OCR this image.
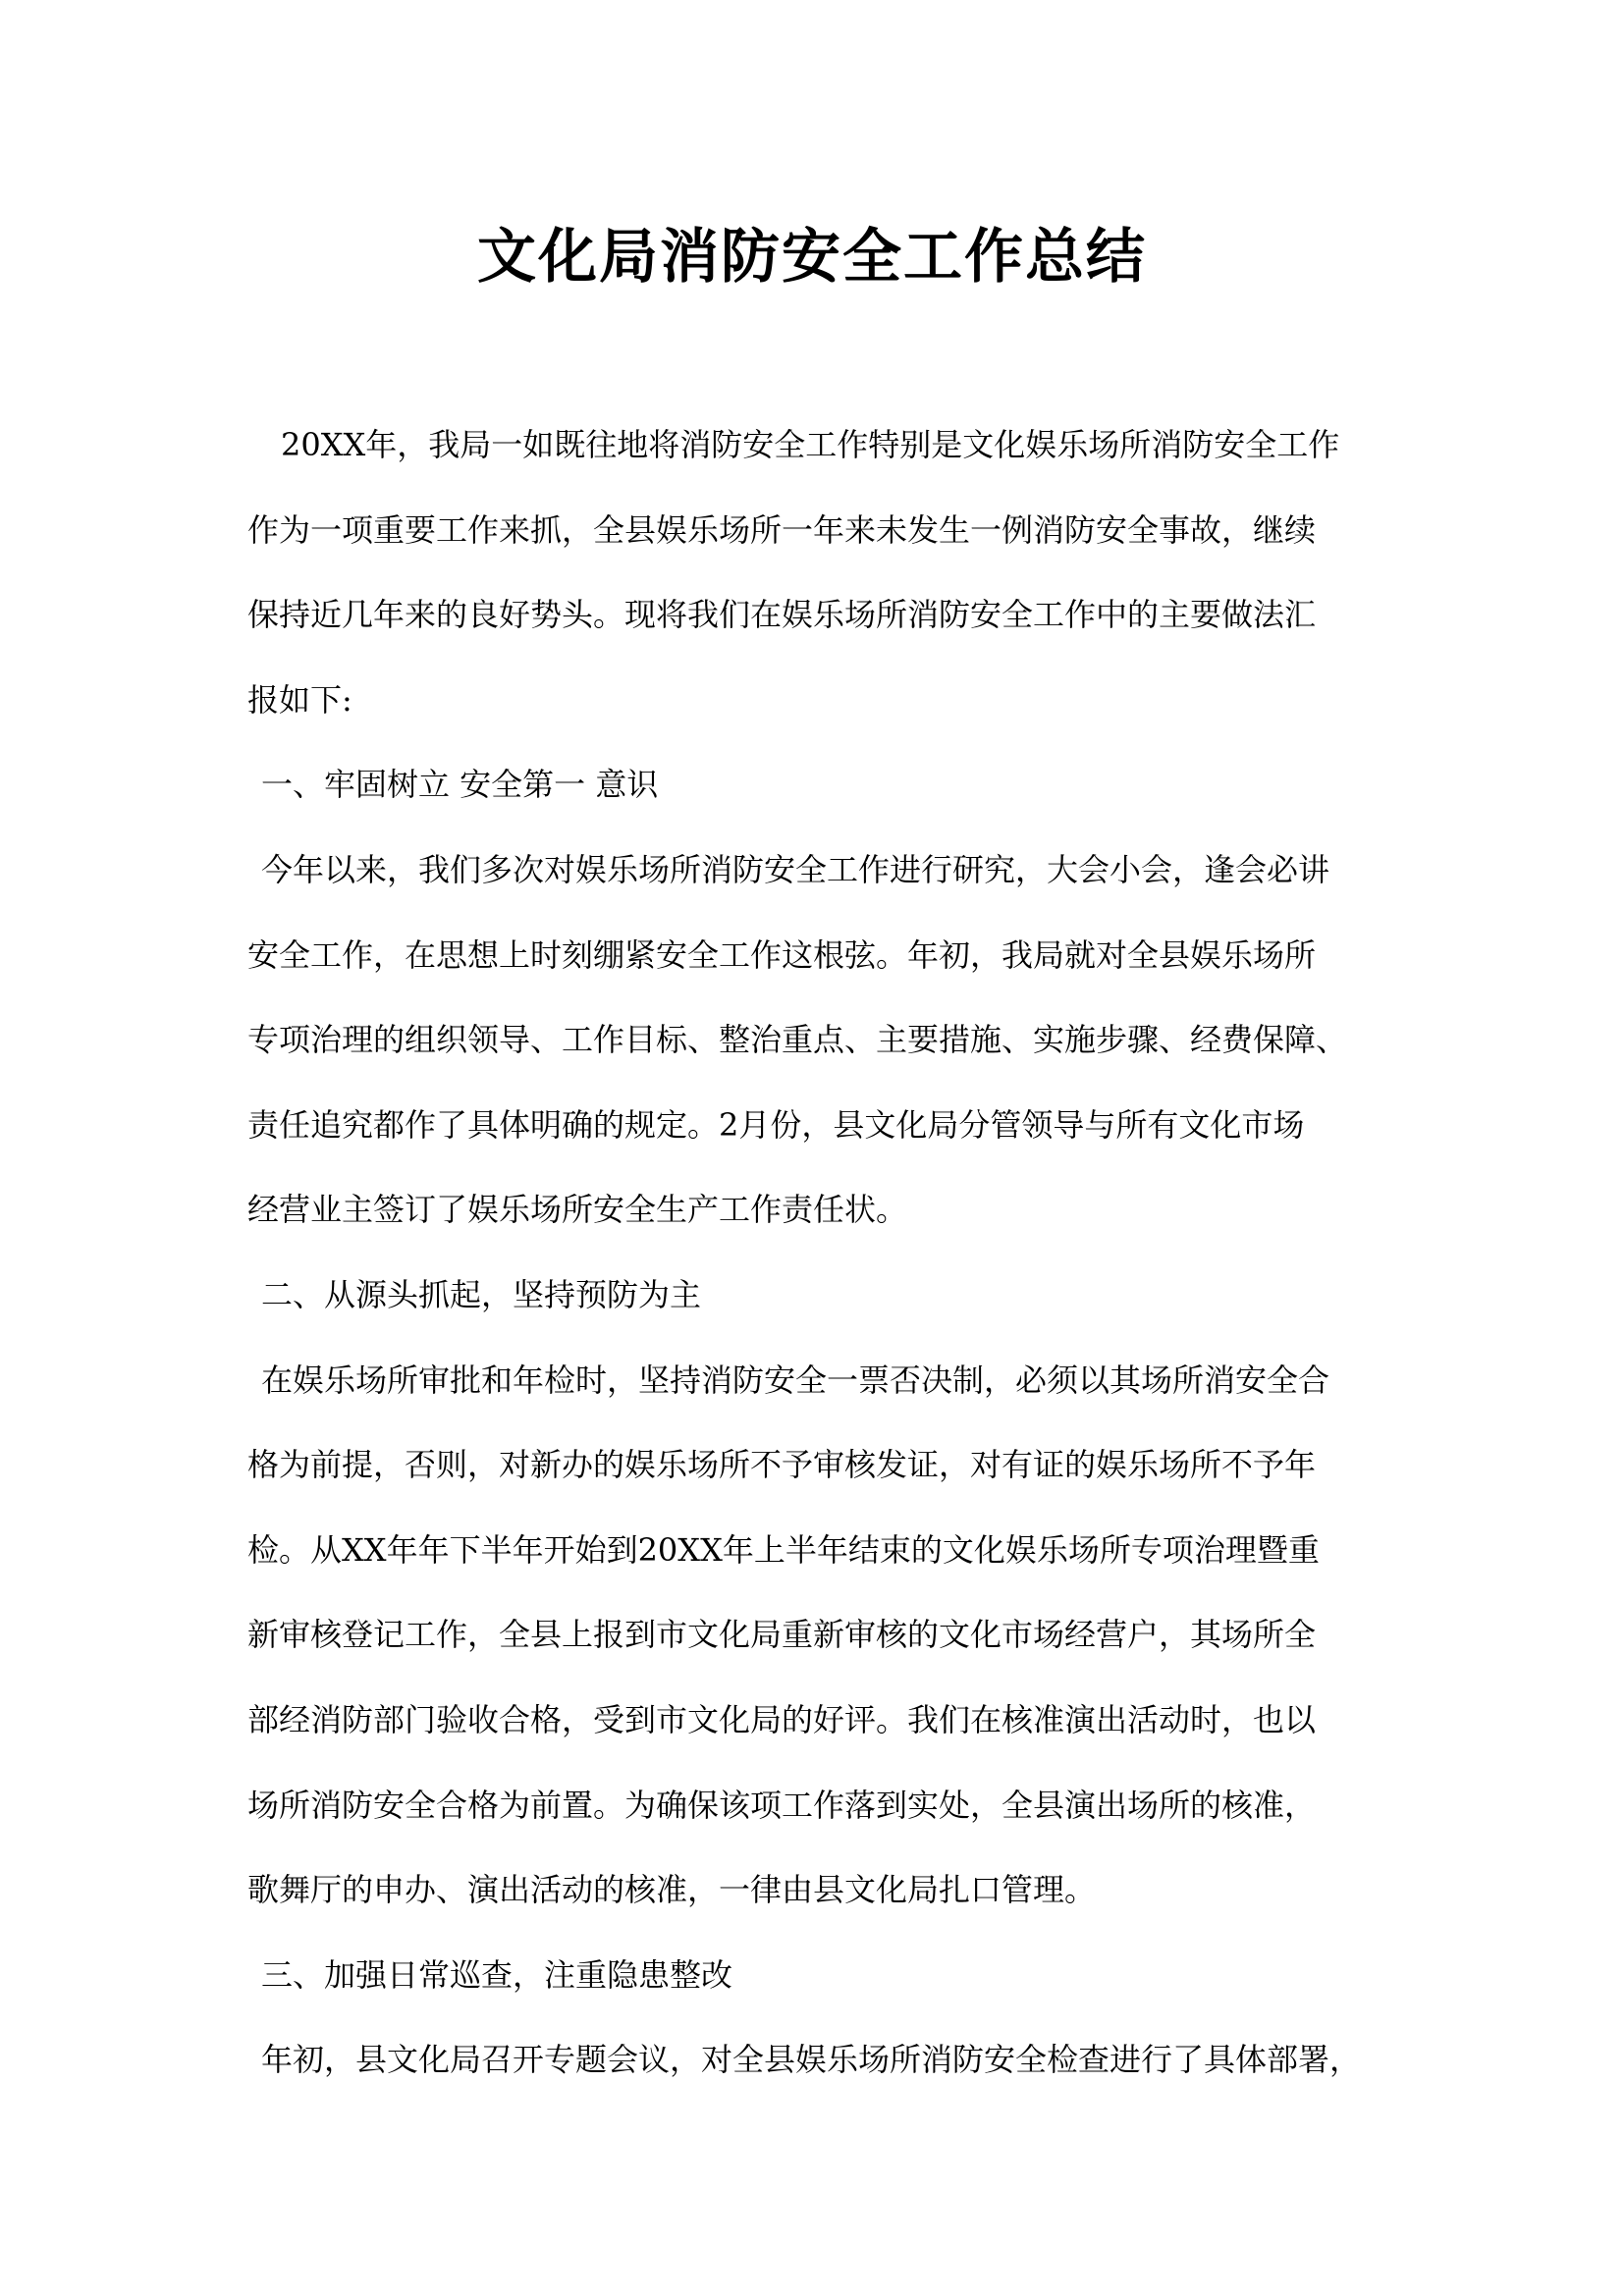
文化局消防安全工作总结
20XX年，我局一如既往地将消防安全工作特别是文化娱乐场所消防安全工作
作为一项重要工作来抓，全县娱乐场所一年来未发生一例消防安全事故，继续
保持近几年来的良好势头。现将我们在娱乐场所消防安全工作中的主要做法汇
报如下:
一、牢固树立 安全第一 意识
今年以来，我们多次对娱乐场所消防安全工作进行研究，大会小会，逢会必讲
安全工作，在思想上时刻绷紧安全工作这根弦。年初，我局就对全县娱乐场所
专项治理的组织领导、工作目标、整治重点、主要措施、实施步骤、经费保障、
责任追究都作了具体明确的规定。2月份，县文化局分管领导与所有文化市场
经营业主签订了娱乐场所安全生产工作责任状。
二、从源头抓起，坚持预防为主
在娱乐场所审批和年检时，坚持消防安全一票否决制，必须以其场所消安全合
格为前提，否则，对新办的娱乐场所不予审核发证，对有证的娱乐场所不予年
检。从XX年年下半年开始到20XX年上半年结束的文化娱乐场所专项治理暨重
新审核登记工作，全县上报到市文化局重新审核的文化市场经营户，其场所全
部经消防部门验收合格，受到市文化局的好评。我们在核准演出活动时，也以
场所消防安全合格为前置。为确保该项工作落到实处，全县演出场所的核准，
歌舞厅的申办、演出活动的核准，一律由县文化局扎口管理。
三、加强日常巡查，注重隐患整改
年初，县文化局召开专题会议，对全县娱乐场所消防安全检查进行了具体部署，
